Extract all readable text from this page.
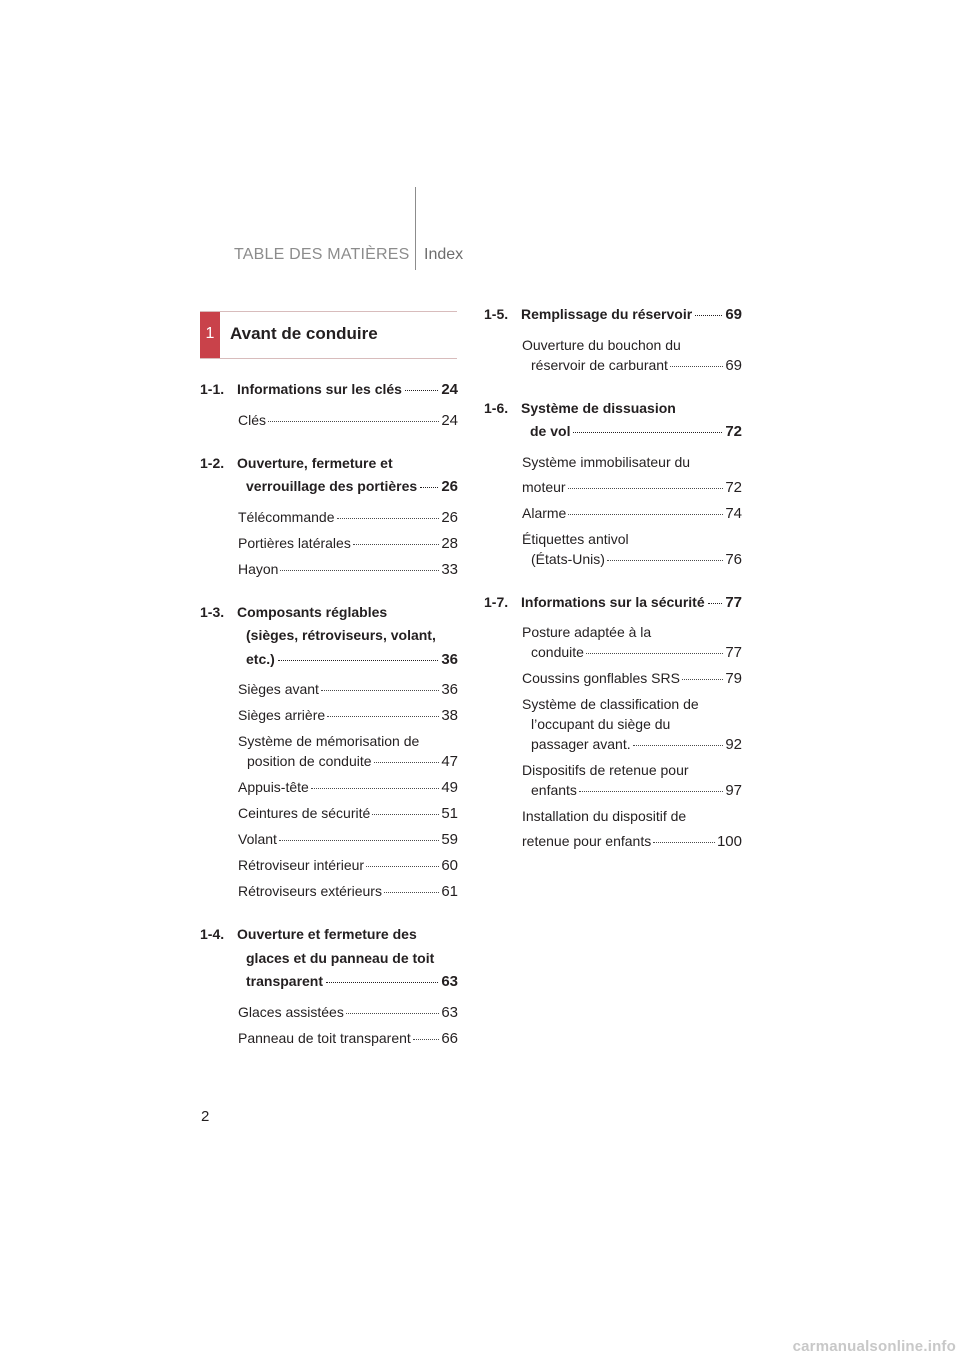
TABLE DES MATIÈRES Index
1 Avant de conduire
1-1. Informations sur les clés	24
Clés	24
1-2. Ouverture, fermeture et
verrouillage des portières 26
Télécommande	26
Portières latérales	28
Hayon	33
1-3. Composants réglables
(sièges, rétroviseurs, volant,
etc.)	36
Sièges avant	36
Sièges arrière	38
Système de mémorisation de
position de conduite	47
Appuis-tête	49
Ceintures de sécurité	51
Volant	59
Rétroviseur intérieur	60
Rétroviseurs extérieurs	61
1-4. Ouverture et fermeture des
glaces et du panneau de toit
transparent	63
Glaces assistées	63
Panneau de toit transparent 66
1-5. Remplissage du réservoir 69
Ouverture du bouchon du
réservoir de carburant	69
1-6. Système de dissuasion
de vol	72
Système immobilisateur du
moteur	72
Alarme	74
Étiquettes antivol
(États-Unis)	76
1-7. Informations sur la sécurité 77
Posture adaptée à la
conduite	77
Coussins gonflables SRS	79
Système de classification de
l’occupant du siège du
passager avant.	92
Dispositifs de retenue pour
enfants	97
Installation du dispositif de
retenue pour enfants	100
2
carmanualsonline.info
